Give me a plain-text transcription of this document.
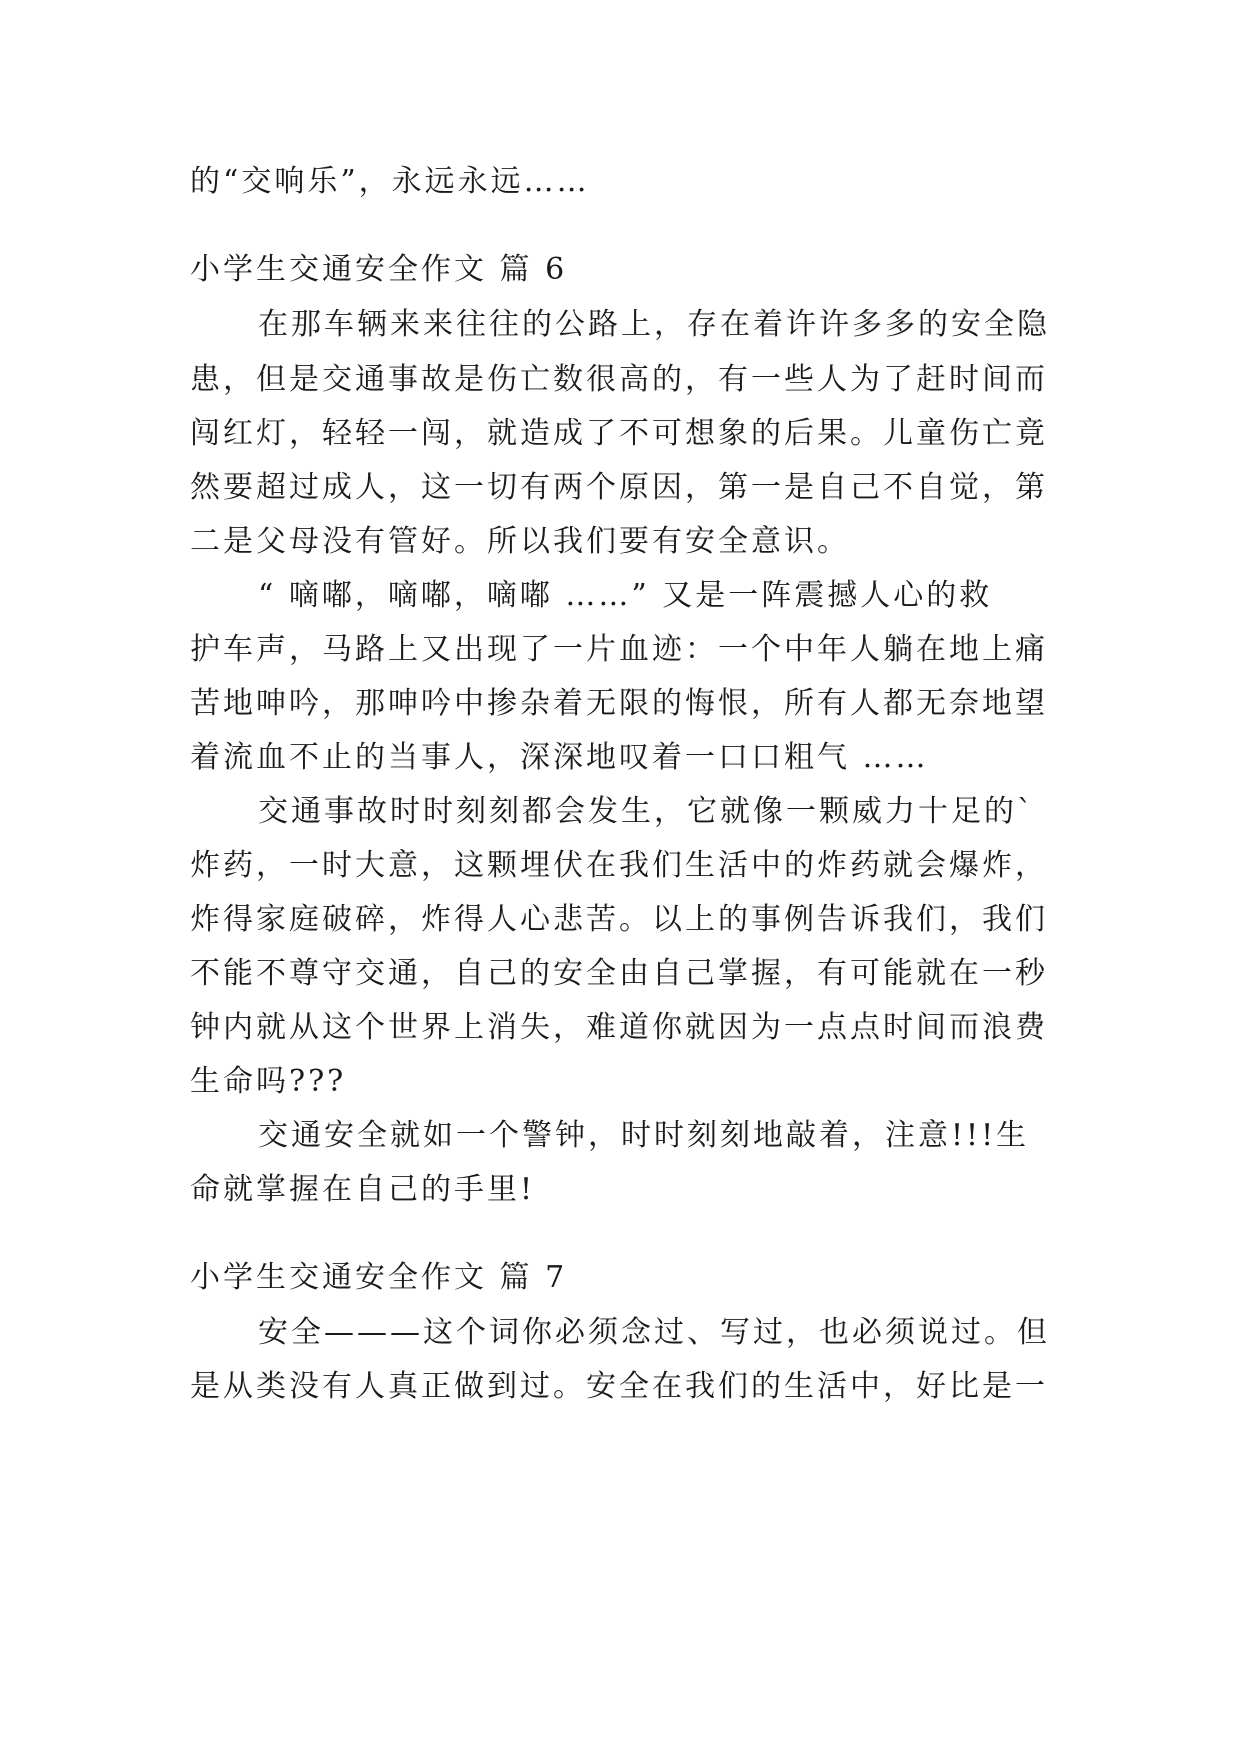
的“交响乐”，永远永远……
小学生交通安全作文 篇 6
在那车辆来来往往的公路上，存在着许许多多的安全隐
患，但是交通事故是伤亡数很高的，有一些人为了赶时间而
闯红灯，轻轻一闯，就造成了不可想象的后果。儿童伤亡竟
然要超过成人，这一切有两个原因，第一是自己不自觉，第
二是父母没有管好。所以我们要有安全意识。
“ 嘀嘟，嘀嘟，嘀嘟 ……” 又是一阵震撼人心的救
护车声，马路上又出现了一片血迹：一个中年人躺在地上痛
苦地呻吟，那呻吟中掺杂着无限的悔恨，所有人都无奈地望
着流血不止的当事人，深深地叹着一口口粗气 ……
交通事故时时刻刻都会发生，它就像一颗威力十足的`
炸药，一时大意，这颗埋伏在我们生活中的炸药就会爆炸，
炸得家庭破碎，炸得人心悲苦。以上的事例告诉我们，我们
不能不尊守交通，自己的安全由自己掌握，有可能就在一秒
钟内就从这个世界上消失，难道你就因为一点点时间而浪费
生命吗???
交通安全就如一个警钟，时时刻刻地敲着，注意!!!生
命就掌握在自己的手里!
小学生交通安全作文 篇 7
安全———这个词你必须念过、写过，也必须说过。但
是从类没有人真正做到过。安全在我们的生活中，好比是一
